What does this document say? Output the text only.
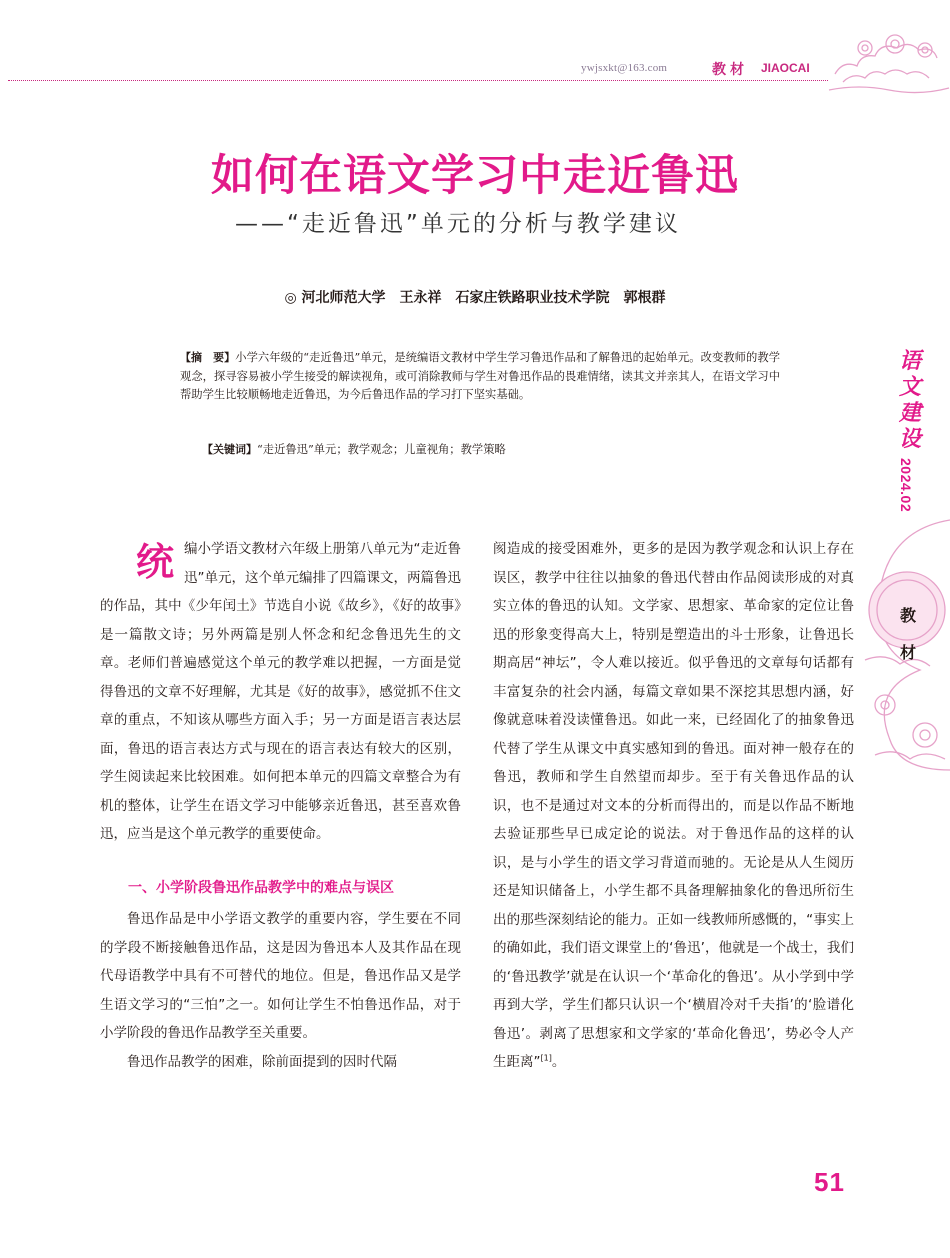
ywjsxkt@163.com	教材 JIAOCAI
如何在语文学习中走近鲁迅
——“走近鲁迅”单元的分析与教学建议
◎ 河北师范大学　王永祥　石家庄铁路职业技术学院　郭根群
【摘　要】小学六年级的“走近鲁迅”单元，是统编语文教材中学生学习鲁迅作品和了解鲁迅的起始单元。改变教师的教学观念，探寻容易被小学生接受的解读视角，或可消除教师与学生对鲁迅作品的畏难情绪，读其文并亲其人，在语文学习中帮助学生比较顺畅地走近鲁迅，为今后鲁迅作品的学习打下坚实基础。
【关键词】“走近鲁迅”单元；教学观念；儿童视角；教学策略
语文建设
2024.02
教材

统编小学语文教材六年级上册第八单元为“走近鲁迅”单元，这个单元编排了四篇课文，两篇鲁迅的作品，其中《少年闰土》节选自小说《故乡》，《好的故事》是一篇散文诗；另外两篇是别人怀念和纪念鲁迅先生的文章。老师们普遍感觉这个单元的教学难以把握，一方面是觉得鲁迅的文章不好理解，尤其是《好的故事》，感觉抓不住文章的重点，不知该从哪些方面入手；另一方面是语言表达层面，鲁迅的语言表达方式与现在的语言表达有较大的区别，学生阅读起来比较困难。如何把本单元的四篇文章整合为有机的整体，让学生在语文学习中能够亲近鲁迅，甚至喜欢鲁迅，应当是这个单元教学的重要使命。

一、小学阶段鲁迅作品教学中的难点与误区

鲁迅作品是中小学语文教学的重要内容，学生要在不同的学段不断接触鲁迅作品，这是因为鲁迅本人及其作品在现代母语教学中具有不可替代的地位。但是，鲁迅作品又是学生语文学习的“三怕”之一。如何让学生不怕鲁迅作品，对于小学阶段的鲁迅作品教学至关重要。

鲁迅作品教学的困难，除前面提到的因时代隔

阂造成的接受困难外，更多的是因为教学观念和认识上存在误区，教学中往往以抽象的鲁迅代替由作品阅读形成的对真实立体的鲁迅的认知。文学家、思想家、革命家的定位让鲁迅的形象变得高大上，特别是塑造出的斗士形象，让鲁迅长期高居“神坛”，令人难以接近。似乎鲁迅的文章每句话都有丰富复杂的社会内涵，每篇文章如果不深挖其思想内涵，好像就意味着没读懂鲁迅。如此一来，已经固化了的抽象鲁迅代替了学生从课文中真实感知到的鲁迅。面对神一般存在的鲁迅，教师和学生自然望而却步。至于有关鲁迅作品的认识，也不是通过对文本的分析而得出的，而是以作品不断地去验证那些早已成定论的说法。对于鲁迅作品的这样的认识，是与小学生的语文学习背道而驰的。无论是从人生阅历还是知识储备上，小学生都不具备理解抽象化的鲁迅所衍生出的那些深刻结论的能力。正如一线教师所感慨的，“事实上的确如此，我们语文课堂上的‘鲁迅’，他就是一个战士，我们的‘鲁迅教学’就是在认识一个‘革命化的鲁迅’。从小学到中学再到大学，学生们都只认识一个‘横眉冷对千夫指’的‘脸谱化鲁迅’。剥离了思想家和文学家的‘革命化鲁迅’，势必令人产生距离”[1]。

51
